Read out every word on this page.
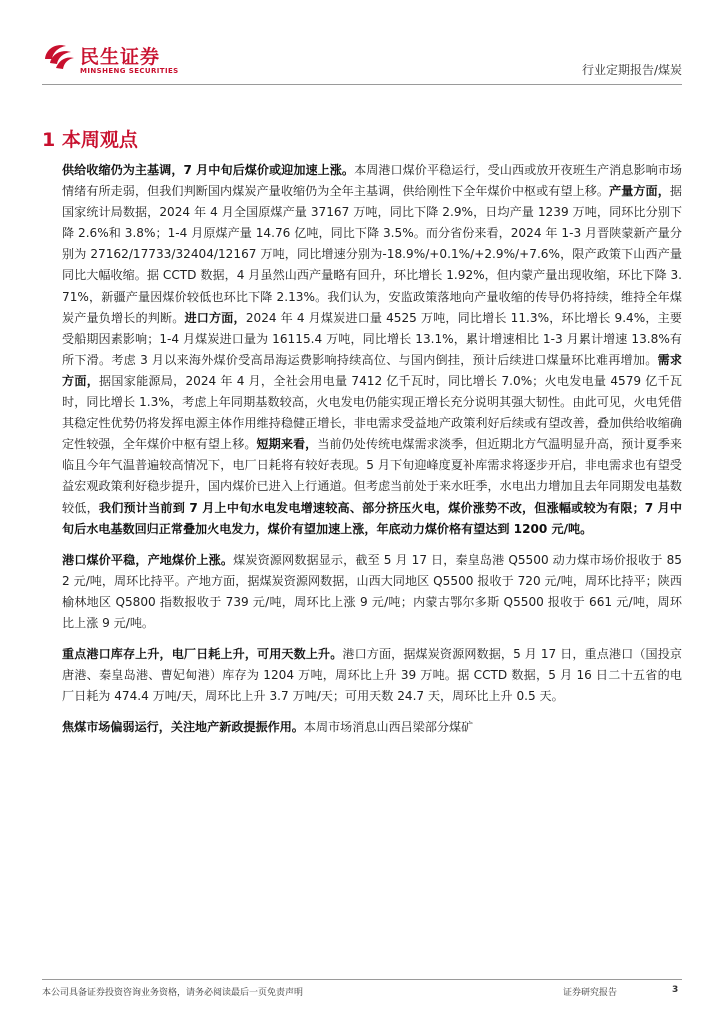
民生证券
MINSHENG SECURITIES	行业定期报告/煤炭
1 本周观点

供给收缩仍为主基调，7 月中旬后煤价或迎加速上涨。本周港口煤价平稳运行，受山西或放开夜班生产消息影响市场情绪有所走弱，但我们判断国内煤炭产量收缩仍为全年主基调，供给刚性下全年煤价中枢或有望上移。产量方面，据国家统计局数据，2024 年 4 月全国原煤产量 37167 万吨，同比下降 2.9%，日均产量 1239 万吨，同环比分别下降 2.6%和 3.8%；1-4 月原煤产量 14.76 亿吨，同比下降 3.5%。而分省份来看，2024 年 1-3 月晋陕蒙新产量分别为 27162/17733/32404/12167 万吨，同比增速分别为-18.9%/+0.1%/+2.9%/+7.6%，限产政策下山西产量同比大幅收缩。据 CCTD 数据，4 月虽然山西产量略有回升，环比增长 1.92%，但内蒙产量出现收缩，环比下降 3.71%，新疆产量因煤价较低也环比下降 2.13%。我们认为，安监政策落地向产量收缩的传导仍将持续，维持全年煤炭产量负增长的判断。进口方面，2024 年 4 月煤炭进口量 4525 万吨，同比增长 11.3%，环比增长 9.4%，主要受船期因素影响；1-4 月煤炭进口量为 16115.4 万吨，同比增长 13.1%，累计增速相比 1-3 月累计增速 13.8%有所下滑。考虑 3 月以来海外煤价受高昂海运费影响持续高位、与国内倒挂，预计后续进口煤量环比难再增加。需求方面，据国家能源局，2024 年 4 月，全社会用电量 7412 亿千瓦时，同比增长 7.0%；火电发电量 4579 亿千瓦时，同比增长 1.3%，考虑上年同期基数较高，火电发电仍能实现正增长充分说明其强大韧性。由此可见，火电凭借其稳定性优势仍将发挥电源主体作用维持稳健正增长，非电需求受益地产政策利好后续或有望改善，叠加供给收缩确定性较强，全年煤价中枢有望上移。短期来看，当前仍处传统电煤需求淡季，但近期北方气温明显升高，预计夏季来临且今年气温普遍较高情况下，电厂日耗将有较好表现。5 月下旬迎峰度夏补库需求将逐步开启，非电需求也有望受益宏观政策利好稳步提升，国内煤价已进入上行通道。但考虑当前处于来水旺季，水电出力增加且去年同期发电基数较低，我们预计当前到 7 月上中旬水电发电增速较高、部分挤压火电，煤价涨势不改，但涨幅或较为有限；7 月中旬后水电基数回归正常叠加火电发力，煤价有望加速上涨，年底动力煤价格有望达到 1200 元/吨。

港口煤价平稳，产地煤价上涨。煤炭资源网数据显示，截至 5 月 17 日，秦皇岛港 Q5500 动力煤市场价报收于 852 元/吨，周环比持平。产地方面，据煤炭资源网数据，山西大同地区 Q5500 报收于 720 元/吨，周环比持平；陕西榆林地区 Q5800 指数报收于 739 元/吨，周环比上涨 9 元/吨；内蒙古鄂尔多斯 Q5500 报收于 661 元/吨，周环比上涨 9 元/吨。

重点港口库存上升，电厂日耗上升，可用天数上升。港口方面，据煤炭资源网数据，5 月 17 日，重点港口（国投京唐港、秦皇岛港、曹妃甸港）库存为 1204 万吨，周环比上升 39 万吨。据 CCTD 数据，5 月 16 日二十五省的电厂日耗为 474.4 万吨/天，周环比上升 3.7 万吨/天；可用天数 24.7 天，周环比上升 0.5 天。

焦煤市场偏弱运行，关注地产新政提振作用。本周市场消息山西吕梁部分煤矿

本公司具备证券投资咨询业务资格，请务必阅读最后一页免责声明	证券研究报告	3
